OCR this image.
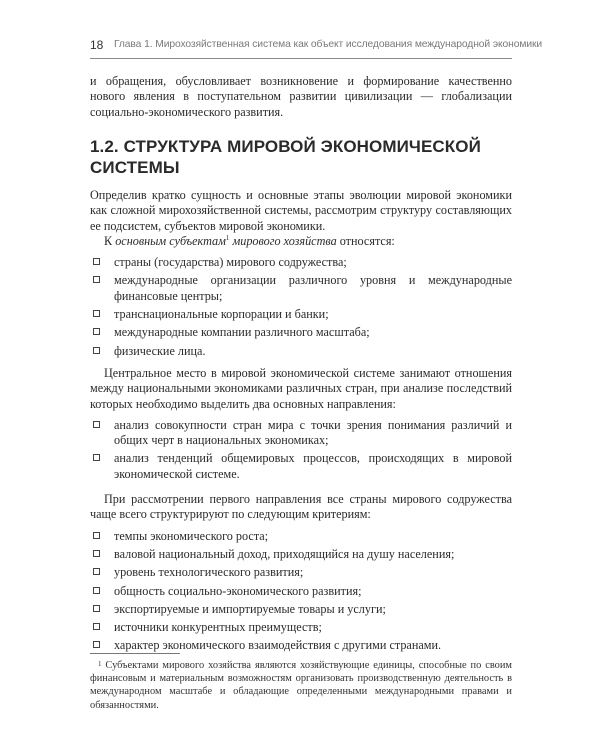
18 Глава 1. Мирохозяйственная система как объект исследования международной экономики

и обращения, обусловливает возникновение и формирование качественно нового явления в поступательном развитии цивилизации — глобализации социально-экономического развития.

1.2. СТРУКТУРА МИРОВОЙ ЭКОНОМИЧЕСКОЙ СИСТЕМЫ

Определив кратко сущность и основные этапы эволюции мировой экономики как сложной мирохозяйственной системы, рассмотрим структуру составляющих ее подсистем, субъектов мировой экономики.

К основным субъектам$^1$ мирового хозяйства относятся:

страны (государства) мирового содружества;
международные организации различного уровня и международные финансовые центры;
транснациональные корпорации и банки;
международные компании различного масштаба;
физические лица.

Центральное место в мировой экономической системе занимают отношения между национальными экономиками различных стран, при анализе последствий которых необходимо выделить два основных направления:

анализ совокупности стран мира с точки зрения понимания различий и общих черт в национальных экономиках;
анализ тенденций общемировых процессов, происходящих в мировой экономической системе.

При рассмотрении первого направления все страны мирового содружества чаще всего структурируют по следующим критериям:

темпы экономического роста;
валовой национальный доход, приходящийся на душу населения;
уровень технологического развития;
общность социально-экономического развития;
экспортируемые и импортируемые товары и услуги;
источники конкурентных преимуществ;
характер экономического взаимодействия с другими странами.

$^1$ Субъектами мирового хозяйства являются хозяйствующие единицы, способные по своим финансовым и материальным возможностям организовать производственную деятельность в международном масштабе и обладающие определенными международными правами и обязанностями.
